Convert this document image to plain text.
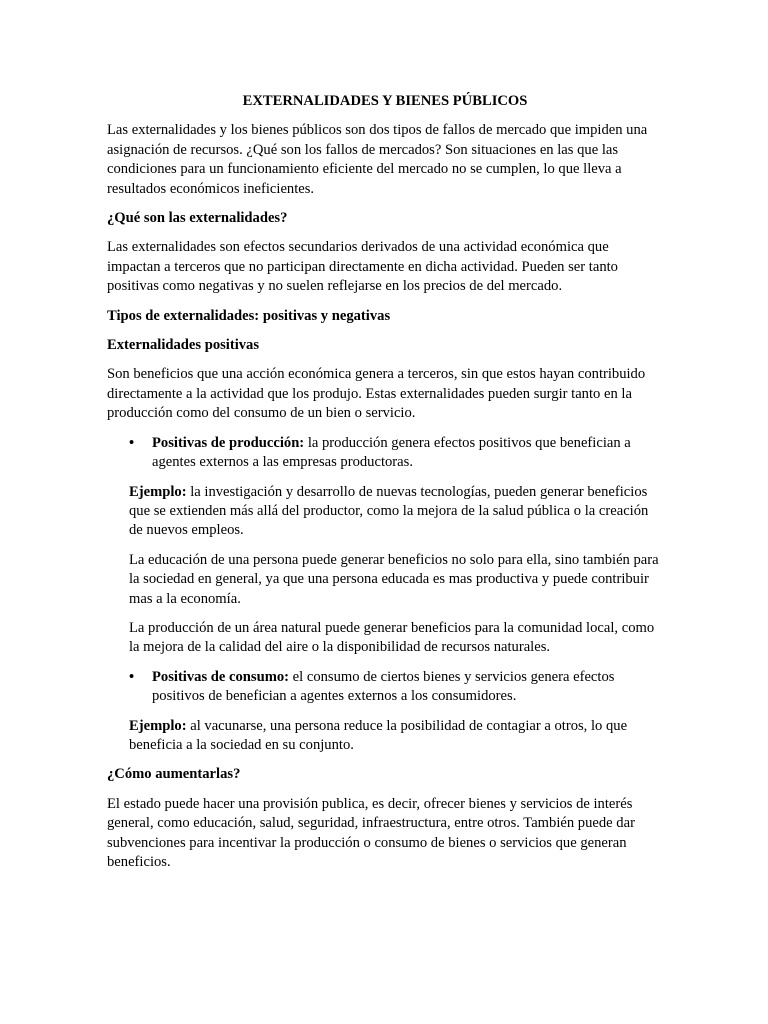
EXTERNALIDADES Y BIENES PÚBLICOS

Las externalidades y los bienes públicos son dos tipos de fallos de mercado que impiden una asignación de recursos. ¿Qué son los fallos de mercados? Son situaciones en las que las condiciones para un funcionamiento eficiente del mercado no se cumplen, lo que lleva a resultados económicos ineficientes.

¿Qué son las externalidades?

Las externalidades son efectos secundarios derivados de una actividad económica que impactan a terceros que no participan directamente en dicha actividad. Pueden ser tanto positivas como negativas y no suelen reflejarse en los precios de del mercado.

Tipos de externalidades: positivas y negativas

Externalidades positivas

Son beneficios que una acción económica genera a terceros, sin que estos hayan contribuido directamente a la actividad que los produjo. Estas externalidades pueden surgir tanto en la producción como del consumo de un bien o servicio.

• Positivas de producción: la producción genera efectos positivos que benefician a agentes externos a las empresas productoras.

Ejemplo: la investigación y desarrollo de nuevas tecnologías, pueden generar beneficios que se extienden más allá del productor, como la mejora de la salud pública o la creación de nuevos empleos.

La educación de una persona puede generar beneficios no solo para ella, sino también para la sociedad en general, ya que una persona educada es mas productiva y puede contribuir mas a la economía.

La producción de un área natural puede generar beneficios para la comunidad local, como la mejora de la calidad del aire o la disponibilidad de recursos naturales.

• Positivas de consumo: el consumo de ciertos bienes y servicios genera efectos positivos de benefician a agentes externos a los consumidores.

Ejemplo: al vacunarse, una persona reduce la posibilidad de contagiar a otros, lo que beneficia a la sociedad en su conjunto.

¿Cómo aumentarlas?

El estado puede hacer una provisión publica, es decir, ofrecer bienes y servicios de interés general, como educación, salud, seguridad, infraestructura, entre otros. También puede dar subvenciones para incentivar la producción o consumo de bienes o servicios que generan beneficios.
